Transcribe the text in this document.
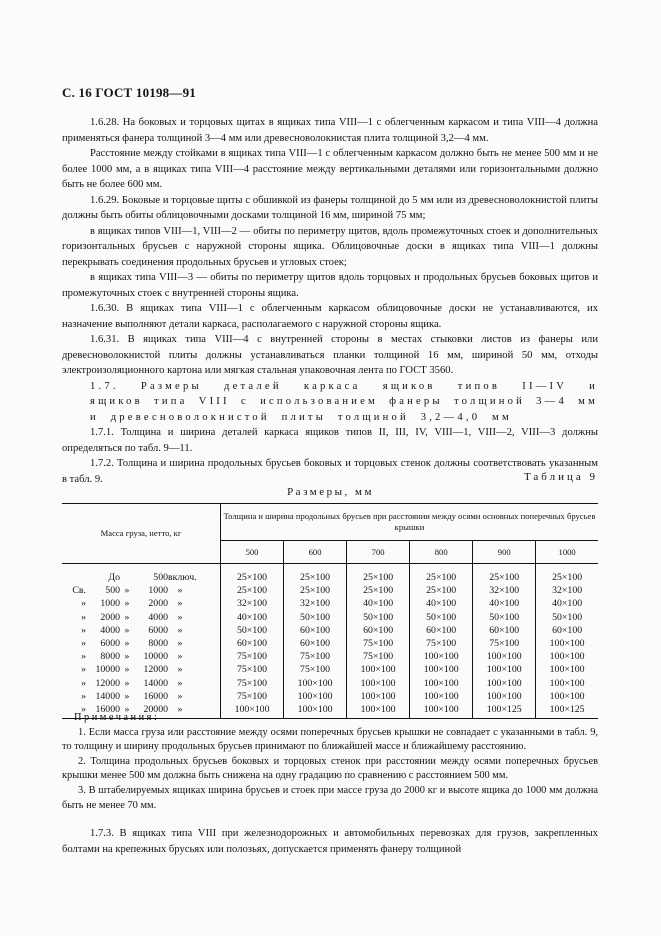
С. 16 ГОСТ 10198—91

1.6.28. На боковых и торцовых щитах в ящиках типа VIII—1 с облегченным каркасом и типа VIII—4 должна применяться фанера толщиной 3—4 мм или древесноволокнистая плита толщиной 3,2—4 мм.

Расстояние между стойками в ящиках типа VIII—1 с облегченным каркасом должно быть не менее 500 мм и не более 1000 мм, а в ящиках типа VIII—4 расстояние между вертикальными деталями или горизонтальными должно быть не более 600 мм.

1.6.29. Боковые и торцовые щиты с обшивкой из фанеры толщиной до 5 мм или из древесноволокнистой плиты должны быть обиты облицовочными досками толщиной 16 мм, шириной 75 мм;

в ящиках типов VIII—1, VIII—2 — обиты по периметру щитов, вдоль промежуточных стоек и дополнительных горизонтальных брусьев с наружной стороны ящика. Облицовочные доски в ящиках типа VIII—1 должны перекрывать соединения продольных брусьев и угловых стоек;

в ящиках типа VIII—3 — обиты по периметру щитов вдоль торцовых и продольных брусьев боковых щитов и промежуточных стоек с внутренней стороны ящика.

1.6.30. В ящиках типа VIII—1 с облегченным каркасом облицовочные доски не устанавливаются, их назначение выполняют детали каркаса, располагаемого с наружной стороны ящика.

1.6.31. В ящиках типа VIII—4 с внутренней стороны в местах стыковки листов из фанеры или древесноволокнистой плиты должны устанавливаться планки толщиной 16 мм, шириной 50 мм, отходы электроизоляционного картона или мягкая стальная упаковочная лента по ГОСТ 3560.

1.7. Размеры деталей каркаса ящиков типов II—IV и

ящиков типа VIII с использованием фанеры толщиной 3—4 мм

и древесноволокнистой плиты толщиной 3,2—4,0 мм

1.7.1. Толщина и ширина деталей каркаса ящиков типов II, III, IV, VIII—1, VIII—2, VIII—3 должны определяться по табл. 9—11.

1.7.2. Толщина и ширина продольных брусьев боковых и торцовых стенок должны соответствовать указанным в табл. 9.	Таблица 9
Размеры, мм
Масса груза, нетто, кг	Толщина и ширина продольных брусьев при расстоянии между осями основных поперечных брусьев крышки					
	500	600	700	800	900	1000
До 500включ.	25×100	25×100	25×100	25×100	25×100	25×100
Св. 500 » 1000 »	25×100	25×100	25×100	25×100	32×100	32×100
» 1000 » 2000 »	32×100	32×100	40×100	40×100	40×100	40×100
» 2000 » 4000 »	40×100	50×100	50×100	50×100	50×100	50×100
» 4000 » 6000 »	50×100	60×100	60×100	60×100	60×100	60×100
» 6000 » 8000 »	60×100	60×100	75×100	75×100	75×100	100×100
» 8000 » 10000 »	75×100	75×100	75×100	100×100	100×100	100×100
» 10000 » 12000 »	75×100	75×100	100×100	100×100	100×100	100×100
» 12000 » 14000 »	75×100	100×100	100×100	100×100	100×100	100×100
» 14000 » 16000 »	75×100	100×100	100×100	100×100	100×100	100×100
» 16000 » 20000 »	100×100	100×100	100×100	100×100	100×125	100×125

Примечания:

1. Если масса груза или расстояние между осями поперечных брусьев крышки не совпадает с указанными в табл. 9, то толщину и ширину продольных брусьев принимают по ближайшей массе и ближайшему расстоянию.

2. Толщина продольных брусьев боковых и торцовых стенок при расстоянии между осями поперечных брусьев крышки менее 500 мм должна быть снижена на одну градацию по сравнению с расстоянием 500 мм.

3. В штабелируемых ящиках ширина брусьев и стоек при массе груза до 2000 кг и высоте ящика до 1000 мм должна быть не менее 70 мм.

1.7.3. В ящиках типа VIII при железнодорожных и автомобильных перевозках для грузов, закрепленных болтами на крепежных брусьях или полозьях, допускается применять фанеру толщиной
